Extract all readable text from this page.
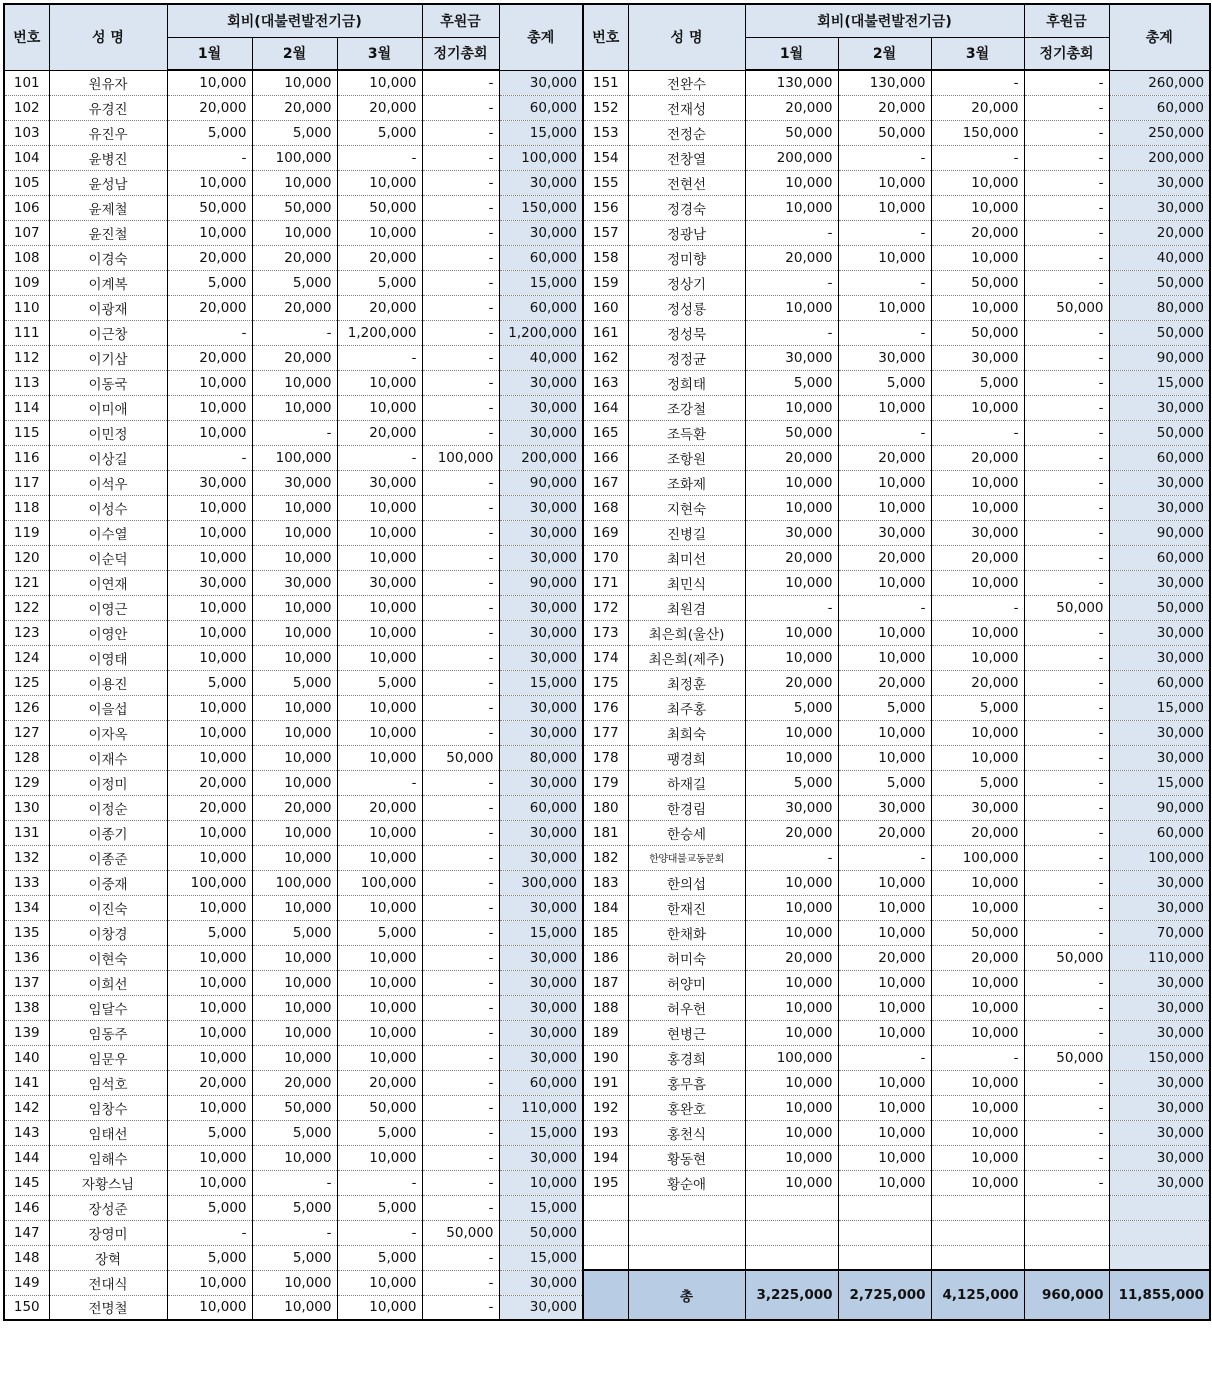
번호	성 명	회비(대불련발전기금)			후원금	총계	번호	성 명	회비(대불련발전기금)			후원금	총계
		1월	2월	3월	정기총회				1월	2월	3월	정기총회	
101	원유자	10,000	10,000	10,000	-	30,000	151	전완수	130,000	130,000	-	-	260,000
102	유경진	20,000	20,000	20,000	-	60,000	152	전재성	20,000	20,000	20,000	-	60,000
103	유진우	5,000	5,000	5,000	-	15,000	153	전정순	50,000	50,000	150,000	-	250,000
104	윤병진	-	100,000	-	-	100,000	154	전창열	200,000	-	-	-	200,000
105	윤성남	10,000	10,000	10,000	-	30,000	155	전현선	10,000	10,000	10,000	-	30,000
106	윤제철	50,000	50,000	50,000	-	150,000	156	정경숙	10,000	10,000	10,000	-	30,000
107	윤진철	10,000	10,000	10,000	-	30,000	157	정광남	-	-	20,000	-	20,000
108	이경숙	20,000	20,000	20,000	-	60,000	158	정미향	20,000	10,000	10,000	-	40,000
109	이계복	5,000	5,000	5,000	-	15,000	159	정상기	-	-	50,000	-	50,000
110	이광재	20,000	20,000	20,000	-	60,000	160	정성룡	10,000	10,000	10,000	50,000	80,000
111	이근창	-	-	1,200,000	-	1,200,000	161	정성묵	-	-	50,000	-	50,000
112	이기삼	20,000	20,000	-	-	40,000	162	정정균	30,000	30,000	30,000	-	90,000
113	이동국	10,000	10,000	10,000	-	30,000	163	정희태	5,000	5,000	5,000	-	15,000
114	이미애	10,000	10,000	10,000	-	30,000	164	조강철	10,000	10,000	10,000	-	30,000
115	이민정	10,000	-	20,000	-	30,000	165	조득환	50,000	-	-	-	50,000
116	이상길	-	100,000	-	100,000	200,000	166	조항원	20,000	20,000	20,000	-	60,000
117	이석우	30,000	30,000	30,000	-	90,000	167	조화제	10,000	10,000	10,000	-	30,000
118	이성수	10,000	10,000	10,000	-	30,000	168	지현숙	10,000	10,000	10,000	-	30,000
119	이수열	10,000	10,000	10,000	-	30,000	169	진병길	30,000	30,000	30,000	-	90,000
120	이순덕	10,000	10,000	10,000	-	30,000	170	최미선	20,000	20,000	20,000	-	60,000
121	이연재	30,000	30,000	30,000	-	90,000	171	최민식	10,000	10,000	10,000	-	30,000
122	이영근	10,000	10,000	10,000	-	30,000	172	최원겸	-	-	-	50,000	50,000
123	이영안	10,000	10,000	10,000	-	30,000	173	최은희(울산)	10,000	10,000	10,000	-	30,000
124	이영태	10,000	10,000	10,000	-	30,000	174	최은희(제주)	10,000	10,000	10,000	-	30,000
125	이용진	5,000	5,000	5,000	-	15,000	175	최정훈	20,000	20,000	20,000	-	60,000
126	이을섭	10,000	10,000	10,000	-	30,000	176	최주홍	5,000	5,000	5,000	-	15,000
127	이자옥	10,000	10,000	10,000	-	30,000	177	최희숙	10,000	10,000	10,000	-	30,000
128	이재수	10,000	10,000	10,000	50,000	80,000	178	팽경희	10,000	10,000	10,000	-	30,000
129	이정미	20,000	10,000	-	-	30,000	179	하재길	5,000	5,000	5,000	-	15,000
130	이정순	20,000	20,000	20,000	-	60,000	180	한경림	30,000	30,000	30,000	-	90,000
131	이종기	10,000	10,000	10,000	-	30,000	181	한승세	20,000	20,000	20,000	-	60,000
132	이종준	10,000	10,000	10,000	-	30,000	182	한양대불교동문회	-	-	100,000	-	100,000
133	이중재	100,000	100,000	100,000	-	300,000	183	한의섭	10,000	10,000	10,000	-	30,000
134	이진숙	10,000	10,000	10,000	-	30,000	184	한재진	10,000	10,000	10,000	-	30,000
135	이창경	5,000	5,000	5,000	-	15,000	185	한채화	10,000	10,000	50,000	-	70,000
136	이현숙	10,000	10,000	10,000	-	30,000	186	허미숙	20,000	20,000	20,000	50,000	110,000
137	이희선	10,000	10,000	10,000	-	30,000	187	허양미	10,000	10,000	10,000	-	30,000
138	임달수	10,000	10,000	10,000	-	30,000	188	허우헌	10,000	10,000	10,000	-	30,000
139	임동주	10,000	10,000	10,000	-	30,000	189	현병근	10,000	10,000	10,000	-	30,000
140	임문우	10,000	10,000	10,000	-	30,000	190	홍경희	100,000	-	-	50,000	150,000
141	임석호	20,000	20,000	20,000	-	60,000	191	홍무흠	10,000	10,000	10,000	-	30,000
142	임창수	10,000	50,000	50,000	-	110,000	192	홍완호	10,000	10,000	10,000	-	30,000
143	임태선	5,000	5,000	5,000	-	15,000	193	홍천식	10,000	10,000	10,000	-	30,000
144	임해수	10,000	10,000	10,000	-	30,000	194	황동현	10,000	10,000	10,000	-	30,000
145	자황스님	10,000	-	-	-	10,000	195	황순애	10,000	10,000	10,000	-	30,000
146	장성준	5,000	5,000	5,000	-	15,000							
147	장영미	-	-	-	50,000	50,000							
148	장혁	5,000	5,000	5,000	-	15,000							
149	전대식	10,000	10,000	10,000	-	30,000		총	3,225,000	2,725,000	4,125,000	960,000	11,855,000
150	전명철	10,000	10,000	10,000	-	30,000							
